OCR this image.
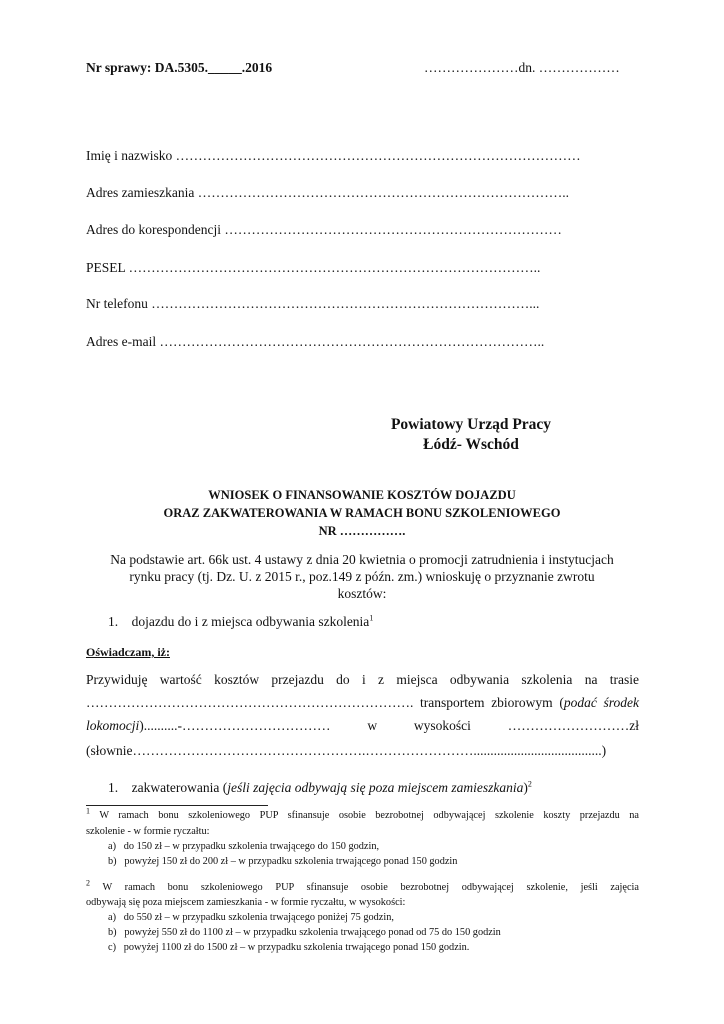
Nr sprawy: DA.5305._____.2016	…………………dn. ………………
Imię i nazwisko ………………………………………………………………………………
Adres zamieszkania ………………………………………………………………………..
Adres do korespondencji …………………………………………………………………
PESEL ………………………………………………………………………………..
Nr telefonu …………………………………………………………………………...
Adres e-mail …………………………………………………………………………..
Powiatowy Urząd Pracy
Łódź- Wschód
WNIOSEK O FINANSOWANIE KOSZTÓW DOJAZDU
ORAZ ZAKWATEROWANIA W RAMACH BONU SZKOLENIOWEGO
NR …………….
Na podstawie art. 66k ust. 4 ustawy z dnia 20 kwietnia o promocji zatrudnienia i instytucjach
rynku pracy (tj. Dz. U. z 2015 r., poz.149 z późn. zm.) wnioskuję o przyznanie zwrotu
kosztów:
1. dojazdu do i z miejsca odbywania szkolenia$^1$
Oświadczam, iż:
Przywiduję wartość kosztów przejazdu do i z miejsca odbywania szkolenia na trasie
………………………………………………………………. transportem zbiorowym (podać środek
lokomocji)..........-…………………………… w wysokości ………………………zł
(słownie…………………………………………….……………………......................................)
1. zakwaterowania (jeśli zajęcia odbywają się poza miejscem zamieszkania)$^2$
$^1$ W ramach bonu szkoleniowego PUP sfinansuje osobie bezrobotnej odbywającej szkolenie koszty przejazdu na
szkolenie - w formie ryczałtu:
a) do 150 zł – w przypadku szkolenia trwającego do 150 godzin,
b) powyżej 150 zł do 200 zł – w przypadku szkolenia trwającego ponad 150 godzin
$^2$ W ramach bonu szkoleniowego PUP sfinansuje osobie bezrobotnej odbywającej szkolenie, jeśli zajęcia
odbywają się poza miejscem zamieszkania - w formie ryczałtu, w wysokości:
a) do 550 zł – w przypadku szkolenia trwającego poniżej 75 godzin,
b) powyżej 550 zł do 1100 zł – w przypadku szkolenia trwającego ponad od 75 do 150 godzin
c) powyżej 1100 zł do 1500 zł – w przypadku szkolenia trwającego ponad 150 godzin.
